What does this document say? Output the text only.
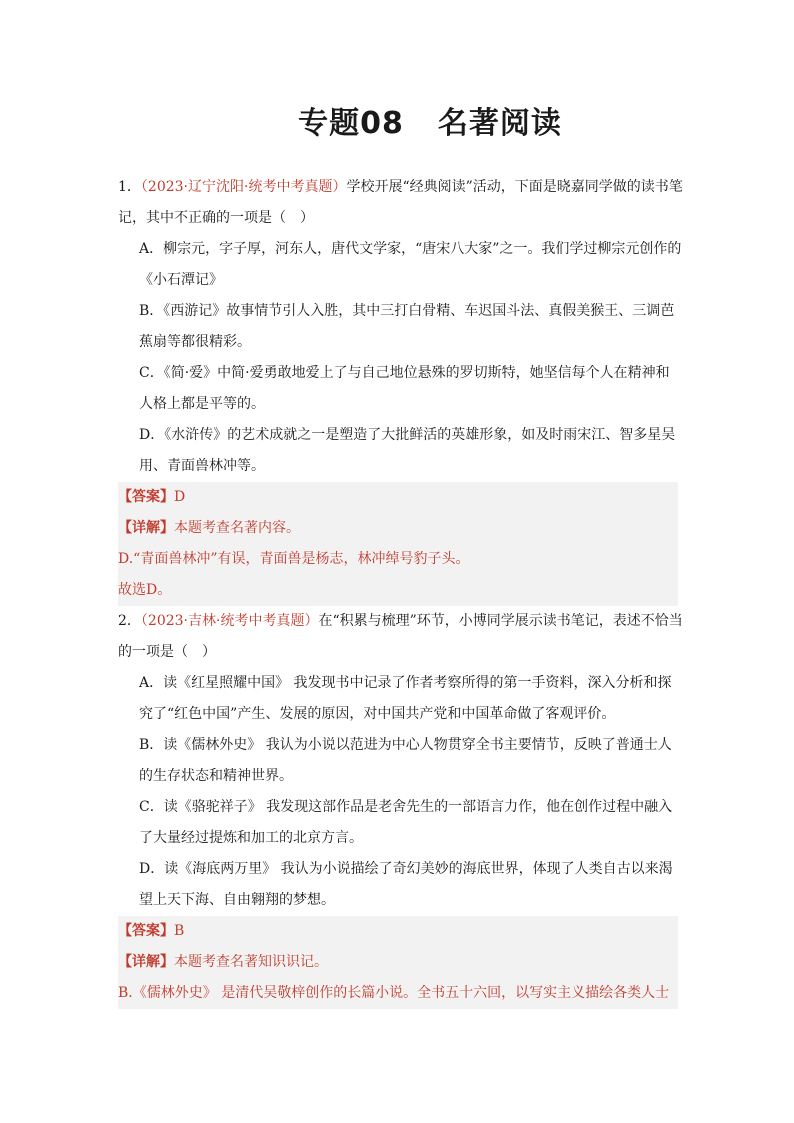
专题08 名著阅读
1．（2023·辽宁沈阳·统考中考真题）学校开展“经典阅读”活动，下面是晓嘉同学做的读书笔
记，其中不正确的一项是（　）
A．柳宗元，字子厚，河东人，唐代文学家，“唐宋八大家”之一。我们学过柳宗元创作的
《小石潭记》
B．《西游记》故事情节引人入胜，其中三打白骨精、车迟国斗法、真假美猴王、三调芭
蕉扇等都很精彩。
C．《简·爱》中简·爱勇敢地爱上了与自己地位悬殊的罗切斯特，她坚信每个人在精神和
人格上都是平等的。
D．《水浒传》的艺术成就之一是塑造了大批鲜活的英雄形象，如及时雨宋江、智多星吴
用、青面兽林冲等。
【答案】D
【详解】本题考查名著内容。
D.“青面兽林冲”有误，青面兽是杨志，林冲绰号豹子头。
故选D。
2．（2023·吉林·统考中考真题）在“积累与梳理”环节，小博同学展示读书笔记，表述不恰当
的一项是（　）
A．读《红星照耀中国》 我发现书中记录了作者考察所得的第一手资料，深入分析和探
究了“红色中国”产生、发展的原因，对中国共产党和中国革命做了客观评价。
B．读《儒林外史》 我认为小说以范进为中心人物贯穿全书主要情节，反映了普通士人
的生存状态和精神世界。
C．读《骆驼祥子》 我发现这部作品是老舍先生的一部语言力作，他在创作过程中融入
了大量经过提炼和加工的北京方言。
D．读《海底两万里》 我认为小说描绘了奇幻美妙的海底世界，体现了人类自古以来渴
望上天下海、自由翱翔的梦想。
【答案】B
【详解】本题考查名著知识识记。
B.《儒林外史》 是清代吴敬梓创作的长篇小说。全书五十六回，以写实主义描绘各类人士
